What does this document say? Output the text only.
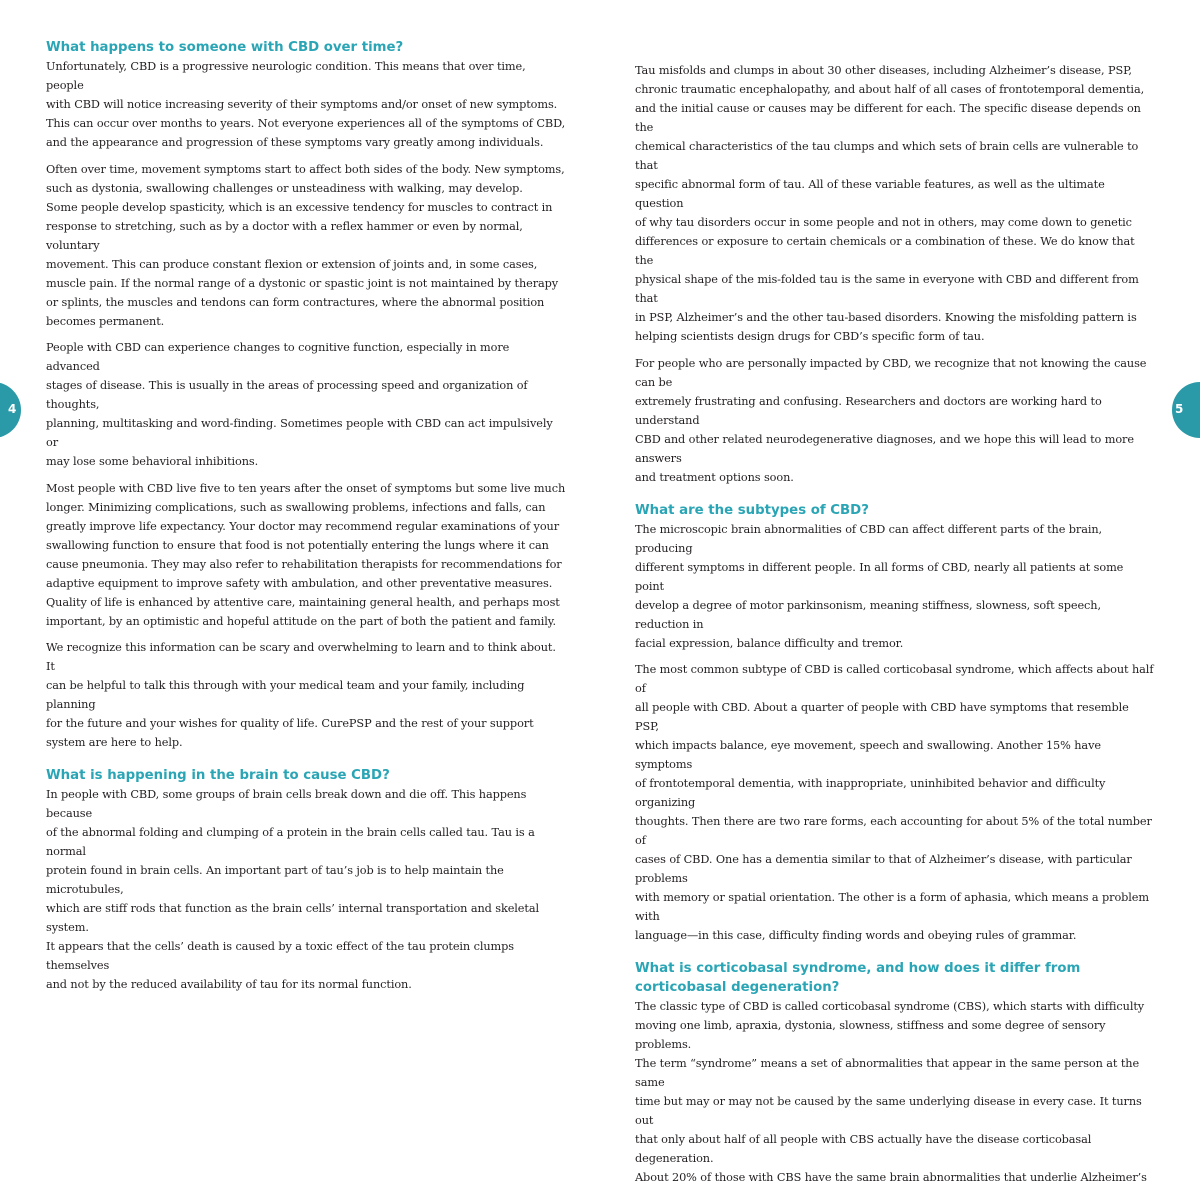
4	5
What happens to someone with CBD over time?

Unfortunately, CBD is a progressive neurologic condition. This means that over time, people
with CBD will notice increasing severity of their symptoms and/or onset of new symptoms.
This can occur over months to years. Not everyone experiences all of the symptoms of CBD,
and the appearance and progression of these symptoms vary greatly among individuals.

Often over time, movement symptoms start to affect both sides of the body. New symptoms,
such as dystonia, swallowing challenges or unsteadiness with walking, may develop.
Some people develop spasticity, which is an excessive tendency for muscles to contract in
response to stretching, such as by a doctor with a reflex hammer or even by normal, voluntary
movement. This can produce constant flexion or extension of joints and, in some cases,
muscle pain. If the normal range of a dystonic or spastic joint is not maintained by therapy
or splints, the muscles and tendons can form contractures, where the abnormal position
becomes permanent.

People with CBD can experience changes to cognitive function, especially in more advanced
stages of disease. This is usually in the areas of processing speed and organization of thoughts,
planning, multitasking and word-finding. Sometimes people with CBD can act impulsively or
may lose some behavioral inhibitions.

Most people with CBD live five to ten years after the onset of symptoms but some live much
longer. Minimizing complications, such as swallowing problems, infections and falls, can
greatly improve life expectancy. Your doctor may recommend regular examinations of your
swallowing function to ensure that food is not potentially entering the lungs where it can
cause pneumonia. They may also refer to rehabilitation therapists for recommendations for
adaptive equipment to improve safety with ambulation, and other preventative measures.
Quality of life is enhanced by attentive care, maintaining general health, and perhaps most
important, by an optimistic and hopeful attitude on the part of both the patient and family.

We recognize this information can be scary and overwhelming to learn and to think about. It
can be helpful to talk this through with your medical team and your family, including planning
for the future and your wishes for quality of life. CurePSP and the rest of your support
system are here to help.

What is happening in the brain to cause CBD?

In people with CBD, some groups of brain cells break down and die off. This happens because
of the abnormal folding and clumping of a protein in the brain cells called tau. Tau is a normal
protein found in brain cells. An important part of tau’s job is to help maintain the microtubules,
which are stiff rods that function as the brain cells’ internal transportation and skeletal system.
It appears that the cells’ death is caused by a toxic effect of the tau protein clumps themselves
and not by the reduced availability of tau for its normal function.

Tau misfolds and clumps in about 30 other diseases, including Alzheimer’s disease, PSP,
chronic traumatic encephalopathy, and about half of all cases of frontotemporal dementia,
and the initial cause or causes may be different for each. The specific disease depends on the
chemical characteristics of the tau clumps and which sets of brain cells are vulnerable to that
specific abnormal form of tau. All of these variable features, as well as the ultimate question
of why tau disorders occur in some people and not in others, may come down to genetic
differences or exposure to certain chemicals or a combination of these. We do know that the
physical shape of the mis-folded tau is the same in everyone with CBD and different from that
in PSP, Alzheimer’s and the other tau-based disorders. Knowing the misfolding pattern is
helping scientists design drugs for CBD’s specific form of tau.

For people who are personally impacted by CBD, we recognize that not knowing the cause can be
extremely frustrating and confusing. Researchers and doctors are working hard to understand
CBD and other related neurodegenerative diagnoses, and we hope this will lead to more answers
and treatment options soon.

What are the subtypes of CBD?

The microscopic brain abnormalities of CBD can affect different parts of the brain, producing
different symptoms in different people. In all forms of CBD, nearly all patients at some point
develop a degree of motor parkinsonism, meaning stiffness, slowness, soft speech, reduction in
facial expression, balance difficulty and tremor.

The most common subtype of CBD is called corticobasal syndrome, which affects about half of
all people with CBD. About a quarter of people with CBD have symptoms that resemble PSP,
which impacts balance, eye movement, speech and swallowing. Another 15% have symptoms
of frontotemporal dementia, with inappropriate, uninhibited behavior and difficulty organizing
thoughts. Then there are two rare forms, each accounting for about 5% of the total number of
cases of CBD. One has a dementia similar to that of Alzheimer’s disease, with particular problems
with memory or spatial orientation. The other is a form of aphasia, which means a problem with
language—in this case, difficulty finding words and obeying rules of grammar.

What is corticobasal syndrome, and how does it differ from
corticobasal degeneration?

The classic type of CBD is called corticobasal syndrome (CBS), which starts with difficulty
moving one limb, apraxia, dystonia, slowness, stiffness and some degree of sensory problems.
The term “syndrome” means a set of abnormalities that appear in the same person at the same
time but may or may not be caused by the same underlying disease in every case. It turns out
that only about half of all people with CBS actually have the disease corticobasal degeneration.
About 20% of those with CBS have the same brain abnormalities that underlie Alzheimer’s
